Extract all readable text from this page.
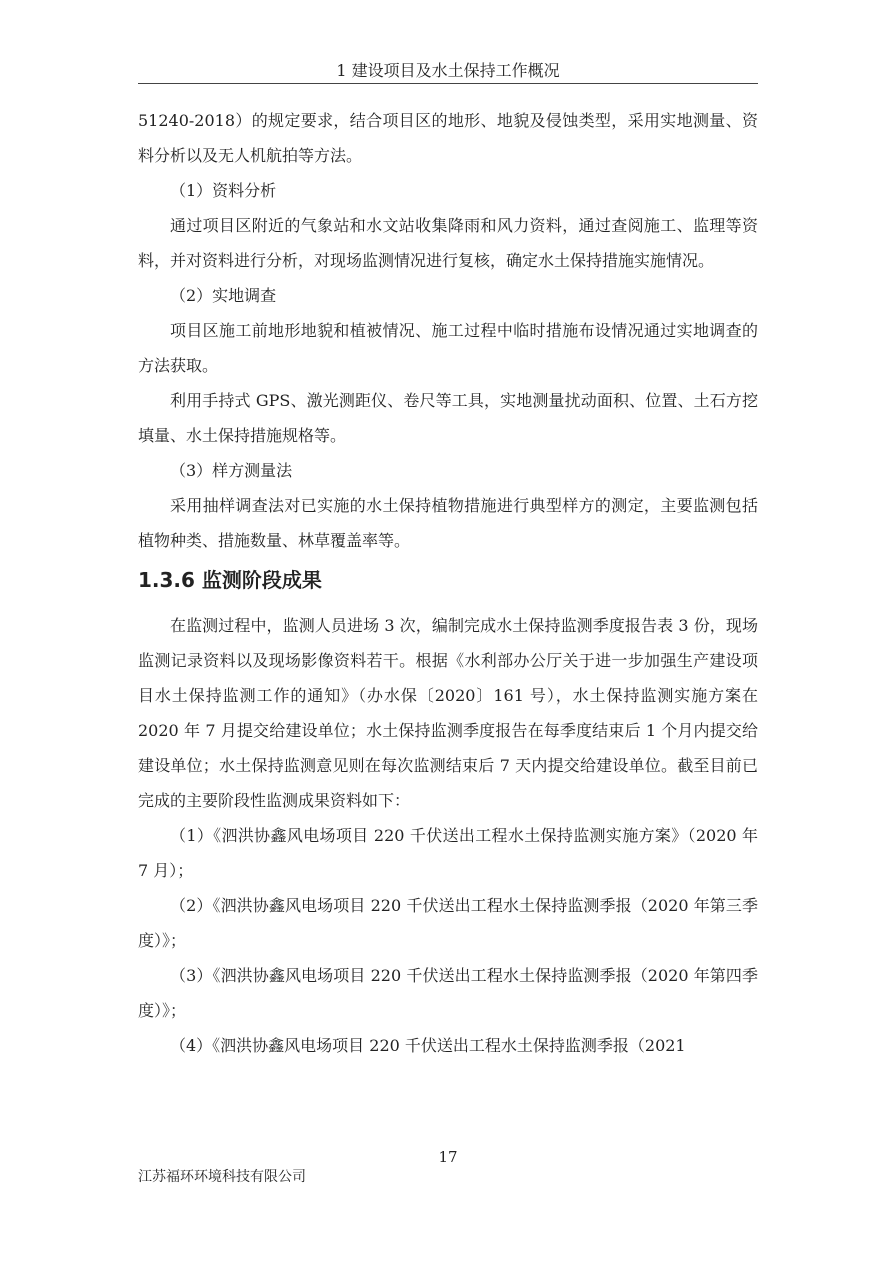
1 建设项目及水土保持工作概况

51240-2018）的规定要求，结合项目区的地形、地貌及侵蚀类型，采用实地测量、资料分析以及无人机航拍等方法。

（1）资料分析

通过项目区附近的气象站和水文站收集降雨和风力资料，通过查阅施工、监理等资料，并对资料进行分析，对现场监测情况进行复核，确定水土保持措施实施情况。

（2）实地调查

项目区施工前地形地貌和植被情况、施工过程中临时措施布设情况通过实地调查的方法获取。

利用手持式 GPS、激光测距仪、卷尺等工具，实地测量扰动面积、位置、土石方挖填量、水土保持措施规格等。

（3）样方测量法

采用抽样调查法对已实施的水土保持植物措施进行典型样方的测定，主要监测包括植物种类、措施数量、林草覆盖率等。

1.3.6 监测阶段成果

在监测过程中，监测人员进场 3 次，编制完成水土保持监测季度报告表 3 份，现场监测记录资料以及现场影像资料若干。根据《水利部办公厅关于进一步加强生产建设项目水土保持监测工作的通知》（办水保〔2020〕161 号），水土保持监测实施方案在 2020 年 7 月提交给建设单位；水土保持监测季度报告在每季度结束后 1 个月内提交给建设单位；水土保持监测意见则在每次监测结束后 7 天内提交给建设单位。截至目前已完成的主要阶段性监测成果资料如下：

（1）《泗洪协鑫风电场项目 220 千伏送出工程水土保持监测实施方案》（2020 年 7 月）；

（2）《泗洪协鑫风电场项目 220 千伏送出工程水土保持监测季报（2020 年第三季度）》；

（3）《泗洪协鑫风电场项目 220 千伏送出工程水土保持监测季报（2020 年第四季度）》；

（4）《泗洪协鑫风电场项目 220 千伏送出工程水土保持监测季报（2021

17
江苏福环环境科技有限公司
